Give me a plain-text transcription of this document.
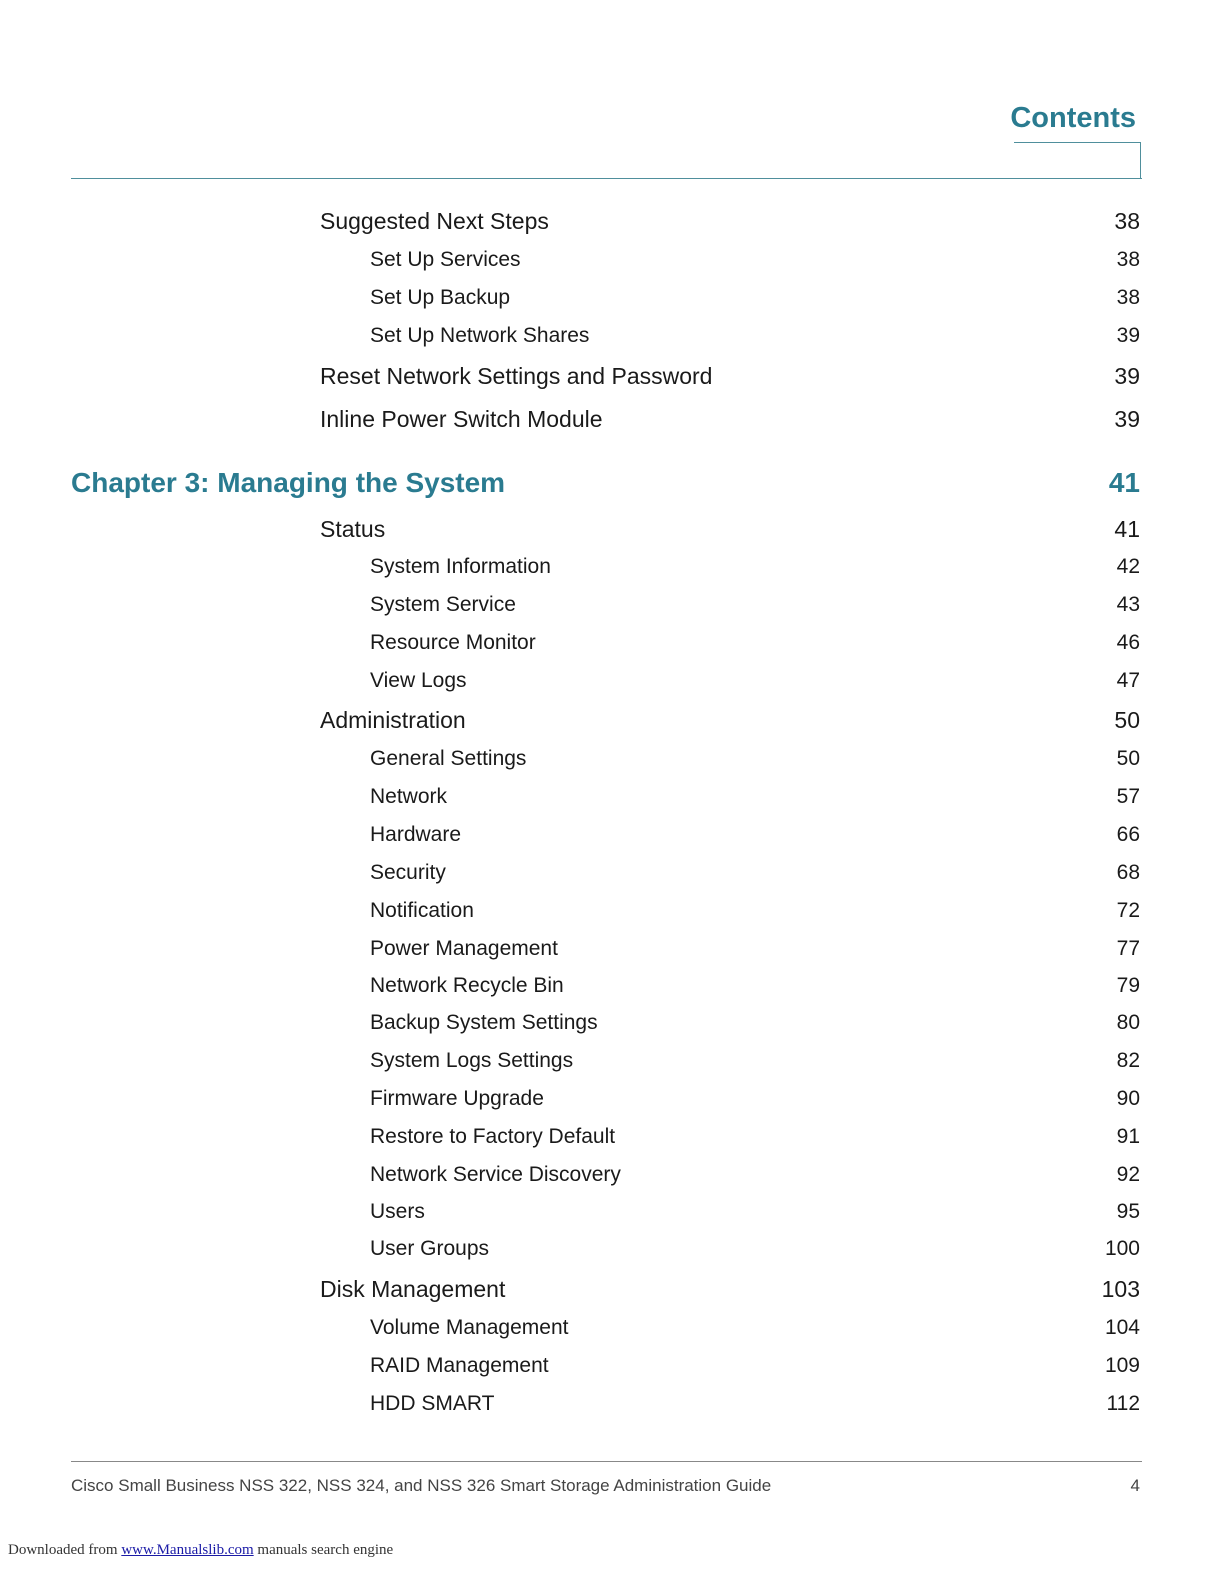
Contents
Suggested Next Steps	38
Set Up Services	38
Set Up Backup	38
Set Up Network Shares	39
Reset Network Settings and Password	39
Inline Power Switch Module	39
Chapter 3: Managing the System	41
Status	41
System Information	42
System Service	43
Resource Monitor	46
View Logs	47
Administration	50
General Settings	50
Network	57
Hardware	66
Security	68
Notification	72
Power Management	77
Network Recycle Bin	79
Backup System Settings	80
System Logs Settings	82
Firmware Upgrade	90
Restore to Factory Default	91
Network Service Discovery	92
Users	95
User Groups	100
Disk Management	103
Volume Management	104
RAID Management	109
HDD SMART	112
Cisco Small Business NSS 322, NSS 324, and NSS 326 Smart Storage Administration Guide	4
Downloaded from www.Manualslib.com manuals search engine
